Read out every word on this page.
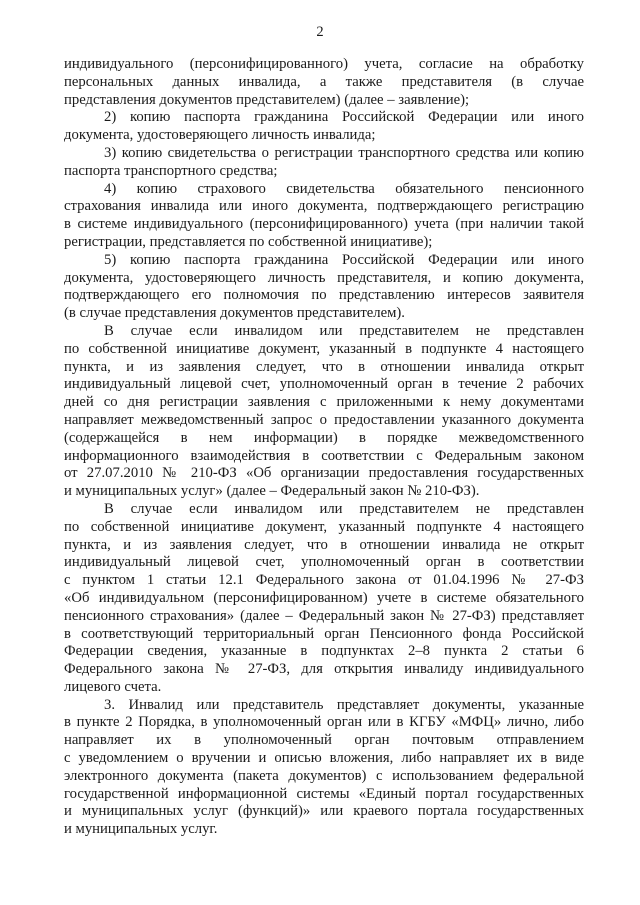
2

индивидуального (персонифицированного) учета, согласие на обработку
персональных данных инвалида, а также представителя (в случае
представления документов представителем) (далее – заявление);

2) копию паспорта гражданина Российской Федерации или иного
документа, удостоверяющего личность инвалида;

3) копию свидетельства о регистрации транспортного средства или копию
паспорта транспортного средства;

4) копию страхового свидетельства обязательного пенсионного
страхования инвалида или иного документа, подтверждающего регистрацию
в системе индивидуального (персонифицированного) учета (при наличии такой
регистрации, представляется по собственной инициативе);

5) копию паспорта гражданина Российской Федерации или иного
документа, удостоверяющего личность представителя, и копию документа,
подтверждающего его полномочия по представлению интересов заявителя
(в случае представления документов представителем).

В случае если инвалидом или представителем не представлен
по собственной инициативе документ, указанный в подпункте 4 настоящего
пункта, и из заявления следует, что в отношении инвалида открыт
индивидуальный лицевой счет, уполномоченный орган в течение 2 рабочих
дней со дня регистрации заявления с приложенными к нему документами
направляет межведомственный запрос о предоставлении указанного документа
(содержащейся в нем информации) в порядке межведомственного
информационного взаимодействия в соответствии с Федеральным законом
от 27.07.2010 № 210-ФЗ «Об организации предоставления государственных
и муниципальных услуг» (далее – Федеральный закон № 210-ФЗ).

В случае если инвалидом или представителем не представлен
по собственной инициативе документ, указанный подпункте 4 настоящего
пункта, и из заявления следует, что в отношении инвалида не открыт
индивидуальный лицевой счет, уполномоченный орган в соответствии
с пунктом 1 статьи 12.1 Федерального закона от 01.04.1996 № 27-ФЗ
«Об индивидуальном (персонифицированном) учете в системе обязательного
пенсионного страхования» (далее – Федеральный закон № 27-ФЗ) представляет
в соответствующий территориальный орган Пенсионного фонда Российской
Федерации сведения, указанные в подпунктах 2–8 пункта 2 статьи 6
Федерального закона № 27-ФЗ, для открытия инвалиду индивидуального
лицевого счета.

3. Инвалид или представитель представляет документы, указанные
в пункте 2 Порядка, в уполномоченный орган или в КГБУ «МФЦ» лично, либо
направляет их в уполномоченный орган почтовым отправлением
с уведомлением о вручении и описью вложения, либо направляет их в виде
электронного документа (пакета документов) с использованием федеральной
государственной информационной системы «Единый портал государственных
и муниципальных услуг (функций)» или краевого портала государственных
и муниципальных услуг.
